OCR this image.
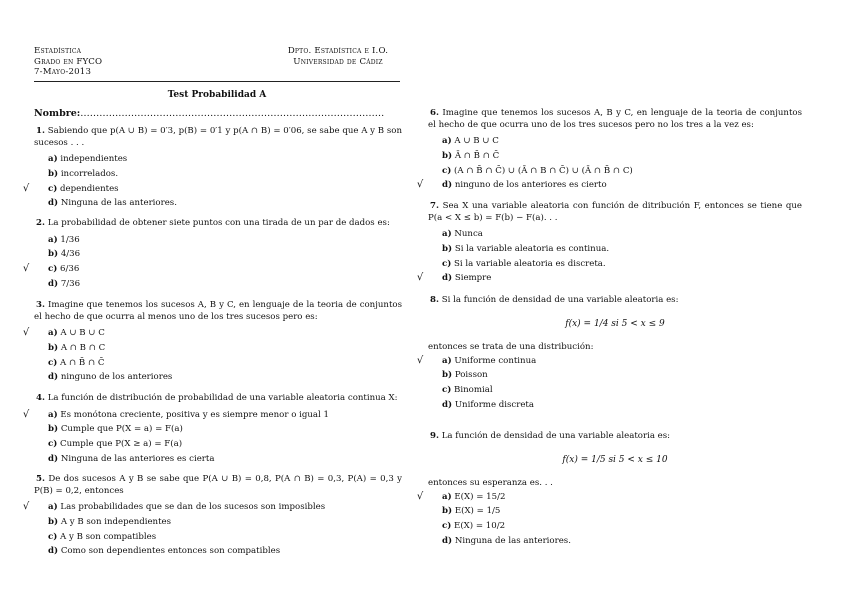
Estadística
Grado en FYCO
7-Mayo-2013
Dpto. Estadística e I.O.
Universidad de Cádiz
Test Probabilidad A
Nombre:……………………………………………………………………………………
1. Sabiendo que p(A ∪ B) = 0′3, p(B) = 0′1 y p(A ∩ B) = 0′06, se sabe que A y B son sucesos . . .
a) independientes
b) incorrelados.
√	c) dependientes
d) Ninguna de las anteriores.
2. La probabilidad de obtener siete puntos con una tirada de un par de dados es:
a) 1/36
b) 4/36
√	c) 6/36
d) 7/36
3. Imagine que tenemos los sucesos A, B y C, en lenguaje de la teoria de conjuntos el hecho de que ocurra al menos uno de los tres sucesos pero es:
√	a) A ∪ B ∪ C
b) A ∩ B ∩ C
c) A ∩ B̄ ∩ C̄
d) ninguno de los anteriores
4. La función de distribución de probabilidad de una variable aleatoria continua X:
√	a) Es monótona creciente, positiva y es siempre menor o igual 1
b) Cumple que P(X = a) = F(a)
c) Cumple que P(X ≥ a) = F(a)
d) Ninguna de las anteriores es cierta
5. De dos sucesos A y B se sabe que P(A ∪ B) = 0,8, P(A ∩ B) = 0,3, P(A) = 0,3 y P(B) = 0,2, entonces
√	a) Las probabilidades que se dan de los sucesos son imposibles
b) A y B son independientes
c) A y B son compatibles
d) Como son dependientes entonces son compatibles
6. Imagine que tenemos los sucesos A, B y C, en lenguaje de la teoria de conjuntos el hecho de que ocurra uno de los tres sucesos pero no los tres a la vez es:
a) A ∪ B ∪ C
b) Ā ∩ B̄ ∩ C̄
c) (A ∩ B̄ ∩ C̄) ∪ (Ā ∩ B ∩ C̄) ∪ (Ā ∩ B̄ ∩ C)
√	d) ninguno de los anteriores es cierto
7. Sea X una variable aleatoria con función de ditribución F, entonces se tiene que P(a < X ≤ b) = F(b) − F(a). . .
a) Nunca
b) Si la variable aleatoria es continua.
c) Si la variable aleatoria es discreta.
√	d) Siempre
8. Si la función de densidad de una variable aleatoria es:
f(x) = 1/4 si 5 < x ≤ 9
entonces se trata de una distribución:
√	a) Uniforme continua
b) Poisson
c) Binomial
d) Uniforme discreta
9. La función de densidad de una variable aleatoria es:
f(x) = 1/5 si 5 < x ≤ 10
entonces su esperanza es. . .
√	a) E(X) = 15/2
b) E(X) = 1/5
c) E(X) = 10/2
d) Ninguna de las anteriores.
